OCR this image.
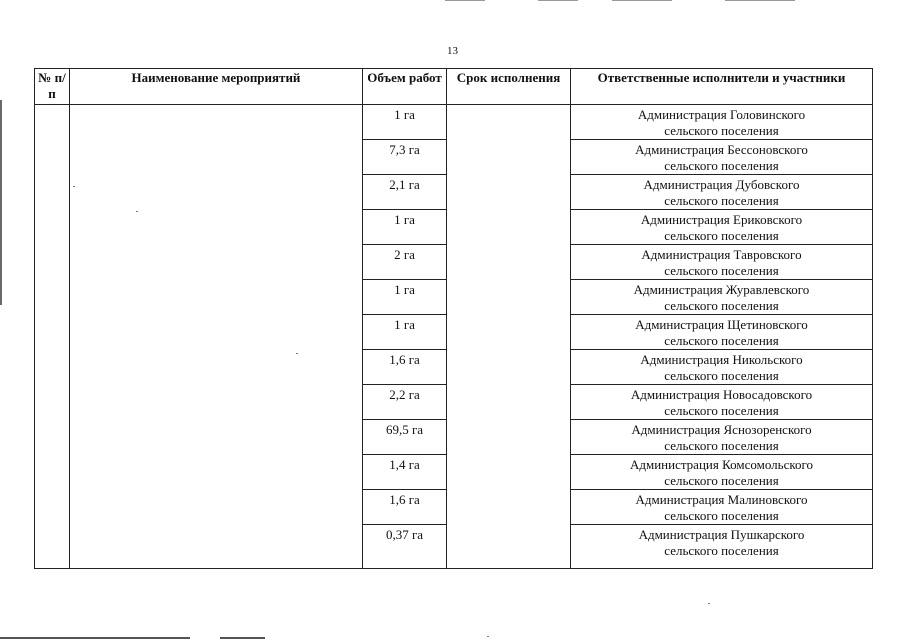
13
№ п/п	Наименование мероприятий	Объем работ	Срок исполнения	Ответственные исполнители и участники
		1 га		Администрация Головинского
сельского поселения
		7,3 га		Администрация Бессоновского
сельского поселения
		2,1 га		Администрация Дубовского
сельского поселения
		1 га		Администрация Ериковского
сельского поселения
		2 га		Администрация Тавровского
сельского поселения
		1 га		Администрация Журавлевского
сельского поселения
		1 га		Администрация Щетиновского
сельского поселения
		1,6 га		Администрация Никольского
сельского поселения
		2,2 га		Администрация Новосадовского
сельского поселения
		69,5 га		Администрация Яснозоренского
сельского поселения
		1,4 га		Администрация Комсомольского
сельского поселения
		1,6 га		Администрация Малиновского
сельского поселения
		0,37 га		Администрация Пушкарского
сельского поселения
